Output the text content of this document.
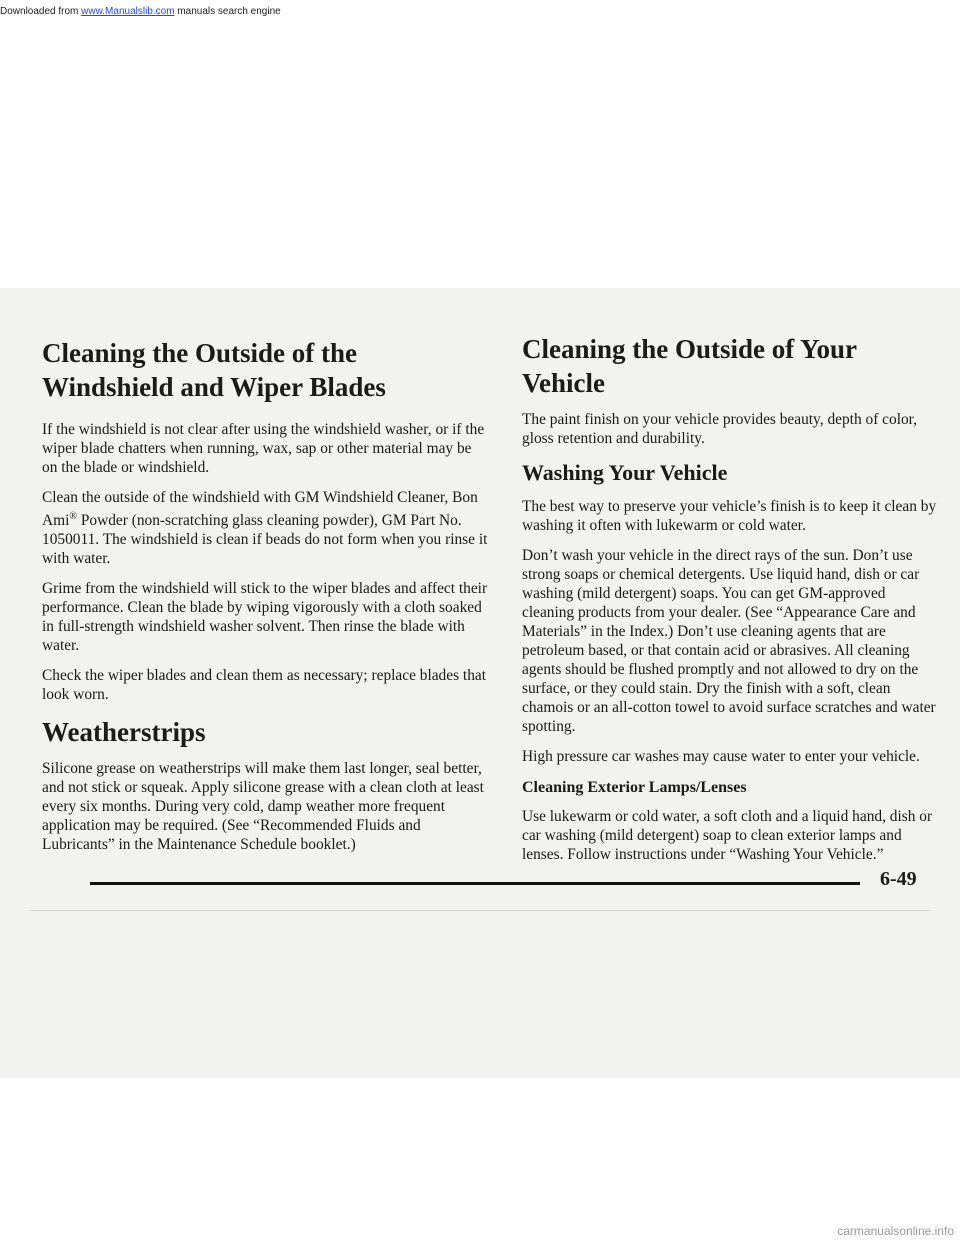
Downloaded from www.Manualslib.com manuals search engine
Cleaning the Outside of the Windshield and Wiper Blades

If the windshield is not clear after using the windshield washer, or if the wiper blade chatters when running, wax, sap or other material may be on the blade or windshield.

Clean the outside of the windshield with GM Windshield Cleaner, Bon Ami® Powder (non-scratching glass cleaning powder), GM Part No. 1050011. The windshield is clean if beads do not form when you rinse it with water.

Grime from the windshield will stick to the wiper blades and affect their performance. Clean the blade by wiping vigorously with a cloth soaked in full-strength windshield washer solvent. Then rinse the blade with water.

Check the wiper blades and clean them as necessary; replace blades that look worn.

Weatherstrips

Silicone grease on weatherstrips will make them last longer, seal better, and not stick or squeak. Apply silicone grease with a clean cloth at least every six months. During very cold, damp weather more frequent application may be required. (See “Recommended Fluids and Lubricants” in the Maintenance Schedule booklet.)

Cleaning the Outside of Your Vehicle

The paint finish on your vehicle provides beauty, depth of color, gloss retention and durability.

Washing Your Vehicle

The best way to preserve your vehicle’s finish is to keep it clean by washing it often with lukewarm or cold water.

Don’t wash your vehicle in the direct rays of the sun. Don’t use strong soaps or chemical detergents. Use liquid hand, dish or car washing (mild detergent) soaps. You can get GM-approved cleaning products from your dealer. (See “Appearance Care and Materials” in the Index.) Don’t use cleaning agents that are petroleum based, or that contain acid or abrasives. All cleaning agents should be flushed promptly and not allowed to dry on the surface, or they could stain. Dry the finish with a soft, clean chamois or an all-cotton towel to avoid surface scratches and water spotting.

High pressure car washes may cause water to enter your vehicle.

Cleaning Exterior Lamps/Lenses

Use lukewarm or cold water, a soft cloth and a liquid hand, dish or car washing (mild detergent) soap to clean exterior lamps and lenses. Follow instructions under “Washing Your Vehicle.”

6-49
carmanualsonline.info
